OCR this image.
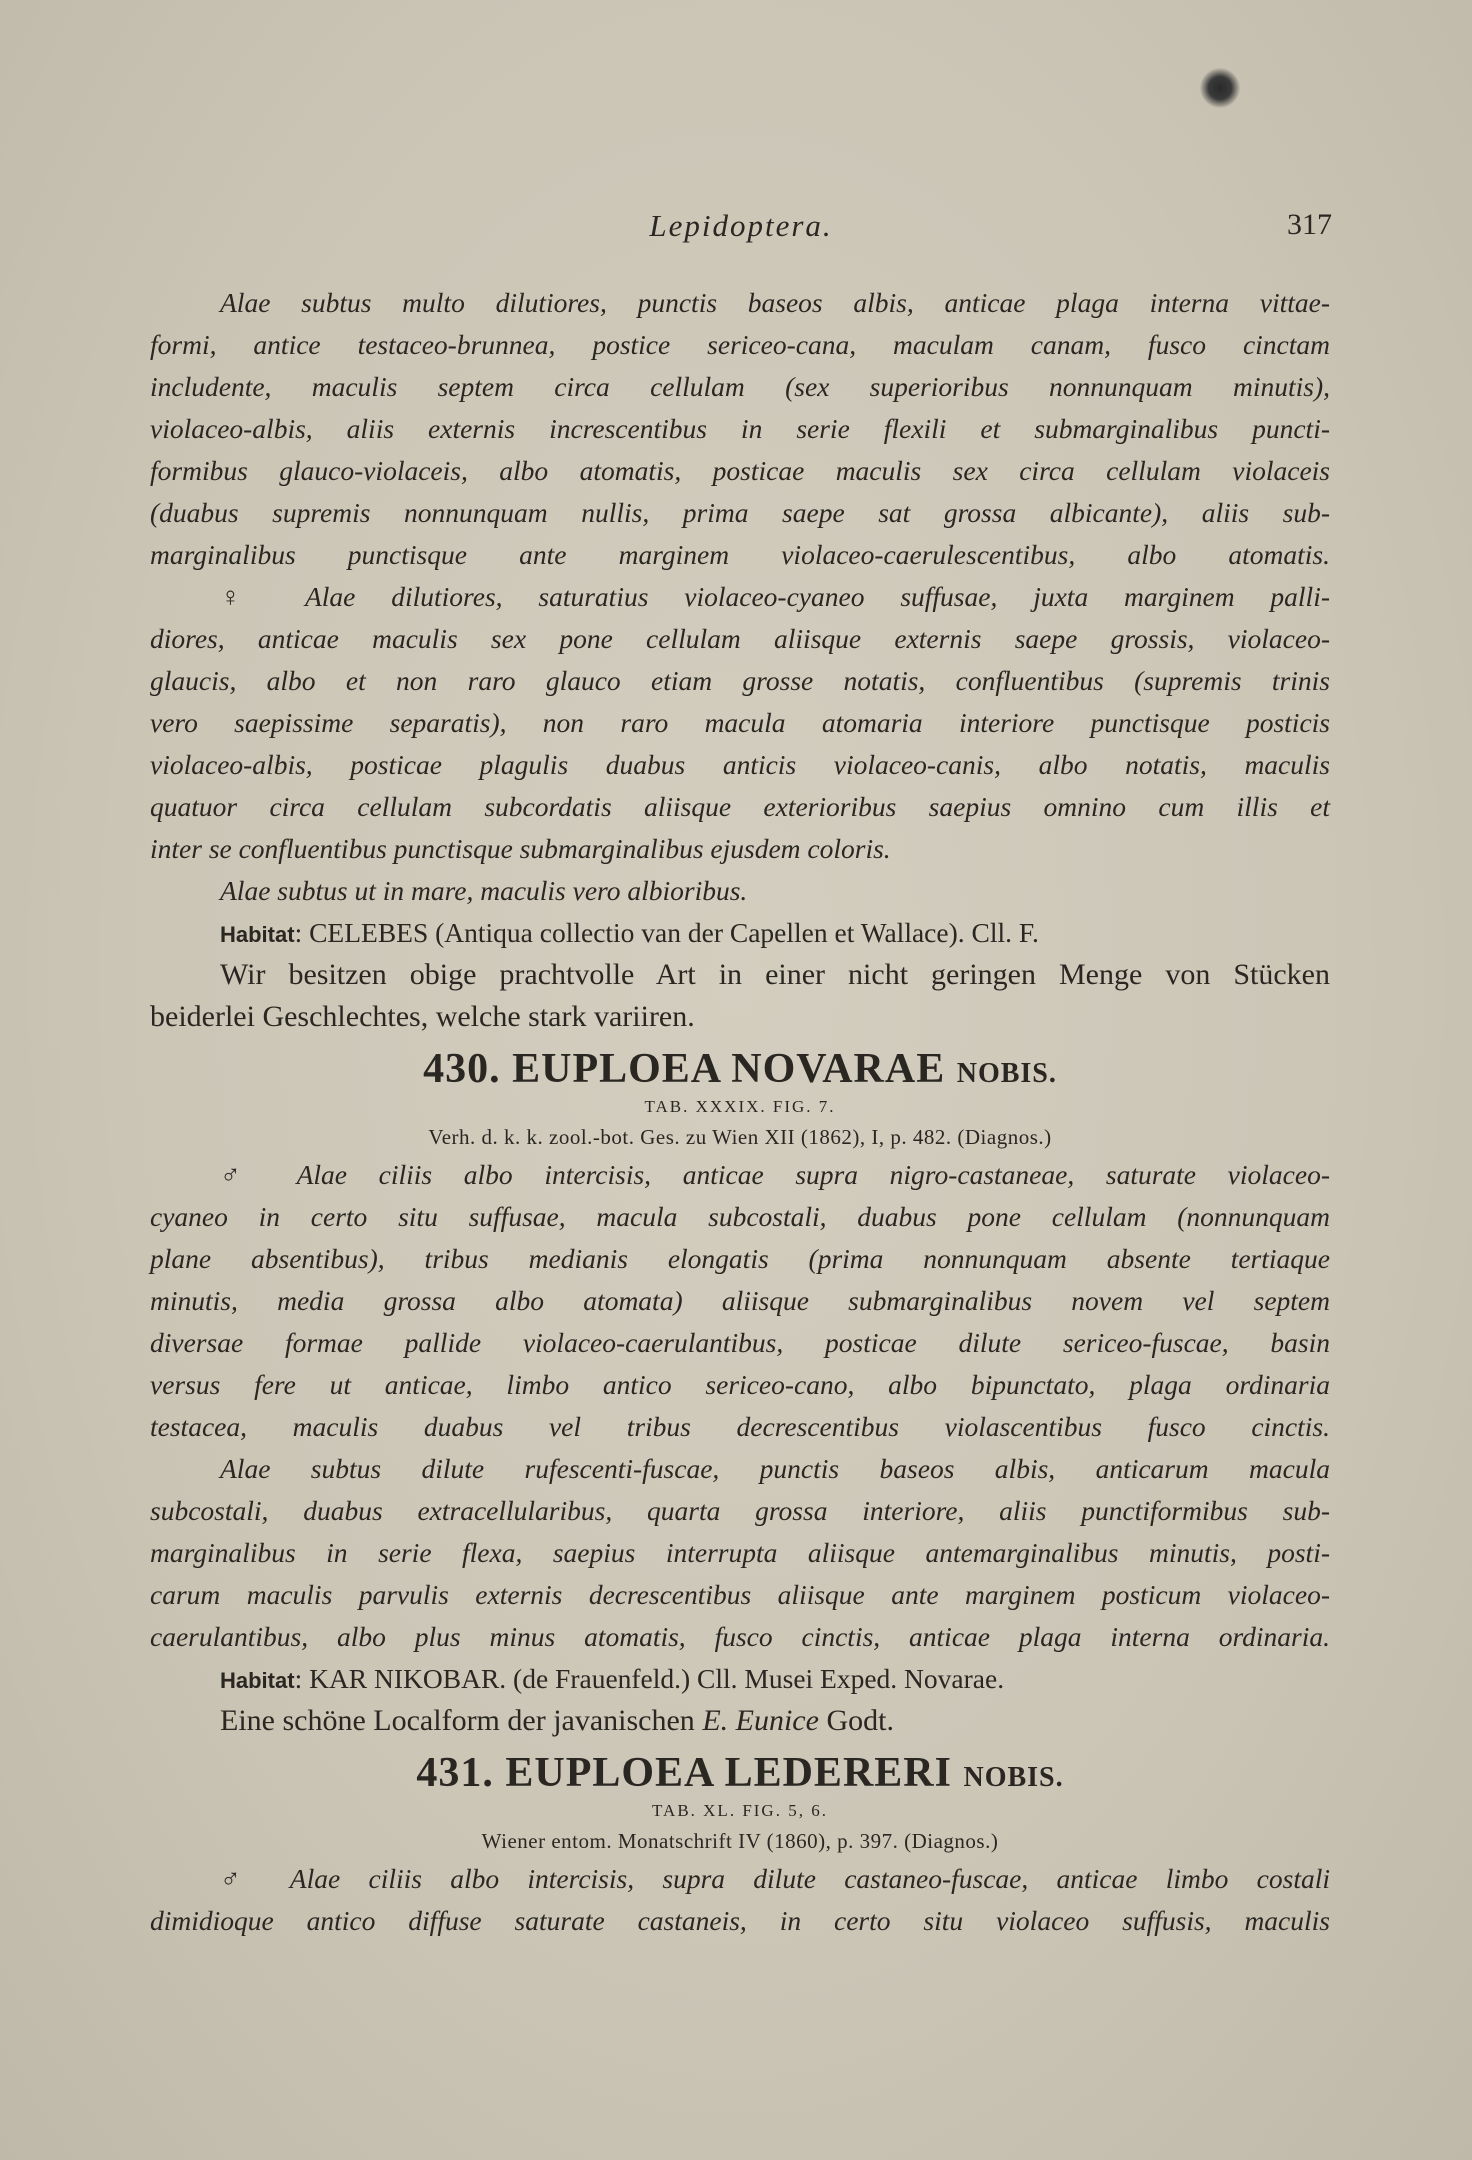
Lepidoptera.	317
Alae subtus multo dilutiores, punctis baseos albis, anticae plaga interna vittae-
formi, antice testaceo-brunnea, postice sericeo-cana, maculam canam, fusco cinctam
includente, maculis septem circa cellulam (sex superioribus nonnunquam minutis),
violaceo-albis, aliis externis increscentibus in serie flexili et submarginalibus puncti-
formibus glauco-violaceis, albo atomatis, posticae maculis sex circa cellulam violaceis
(duabus supremis nonnunquam nullis, prima saepe sat grossa albicante), aliis sub-
marginalibus punctisque ante marginem violaceo-caerulescentibus, albo atomatis.
♀ Alae dilutiores, saturatius violaceo-cyaneo suffusae, juxta marginem palli-
diores, anticae maculis sex pone cellulam aliisque externis saepe grossis, violaceo-
glaucis, albo et non raro glauco etiam grosse notatis, confluentibus (supremis trinis
vero saepissime separatis), non raro macula atomaria interiore punctisque posticis
violaceo-albis, posticae plagulis duabus anticis violaceo-canis, albo notatis, maculis
quatuor circa cellulam subcordatis aliisque exterioribus saepius omnino cum illis et
inter se confluentibus punctisque submarginalibus ejusdem coloris.
Alae subtus ut in mare, maculis vero albioribus.
Habitat: CELEBES (Antiqua collectio van der Capellen et Wallace). Cll. F.
Wir besitzen obige prachtvolle Art in einer nicht geringen Menge von Stücken
beiderlei Geschlechtes, welche stark variiren.
430. EUPLOEA NOVARAE NOBIS.
TAB. XXXIX. FIG. 7.
Verh. d. k. k. zool.-bot. Ges. zu Wien XII (1862), I, p. 482. (Diagnos.)
♂ Alae ciliis albo intercisis, anticae supra nigro-castaneae, saturate violaceo-
cyaneo in certo situ suffusae, macula subcostali, duabus pone cellulam (nonnunquam
plane absentibus), tribus medianis elongatis (prima nonnunquam absente tertiaque
minutis, media grossa albo atomata) aliisque submarginalibus novem vel septem
diversae formae pallide violaceo-caerulantibus, posticae dilute sericeo-fuscae, basin
versus fere ut anticae, limbo antico sericeo-cano, albo bipunctato, plaga ordinaria
testacea, maculis duabus vel tribus decrescentibus violascentibus fusco cinctis.
Alae subtus dilute rufescenti-fuscae, punctis baseos albis, anticarum macula
subcostali, duabus extracellularibus, quarta grossa interiore, aliis punctiformibus sub-
marginalibus in serie flexa, saepius interrupta aliisque antemarginalibus minutis, posti-
carum maculis parvulis externis decrescentibus aliisque ante marginem posticum violaceo-
caerulantibus, albo plus minus atomatis, fusco cinctis, anticae plaga interna ordinaria.
Habitat: KAR NIKOBAR. (de Frauenfeld.) Cll. Musei Exped. Novarae.
Eine schöne Localform der javanischen E. Eunice Godt.
431. EUPLOEA LEDERERI NOBIS.
TAB. XL. FIG. 5, 6.
Wiener entom. Monatschrift IV (1860), p. 397. (Diagnos.)
♂ Alae ciliis albo intercisis, supra dilute castaneo-fuscae, anticae limbo costali
dimidioque antico diffuse saturate castaneis, in certo situ violaceo suffusis, maculis
